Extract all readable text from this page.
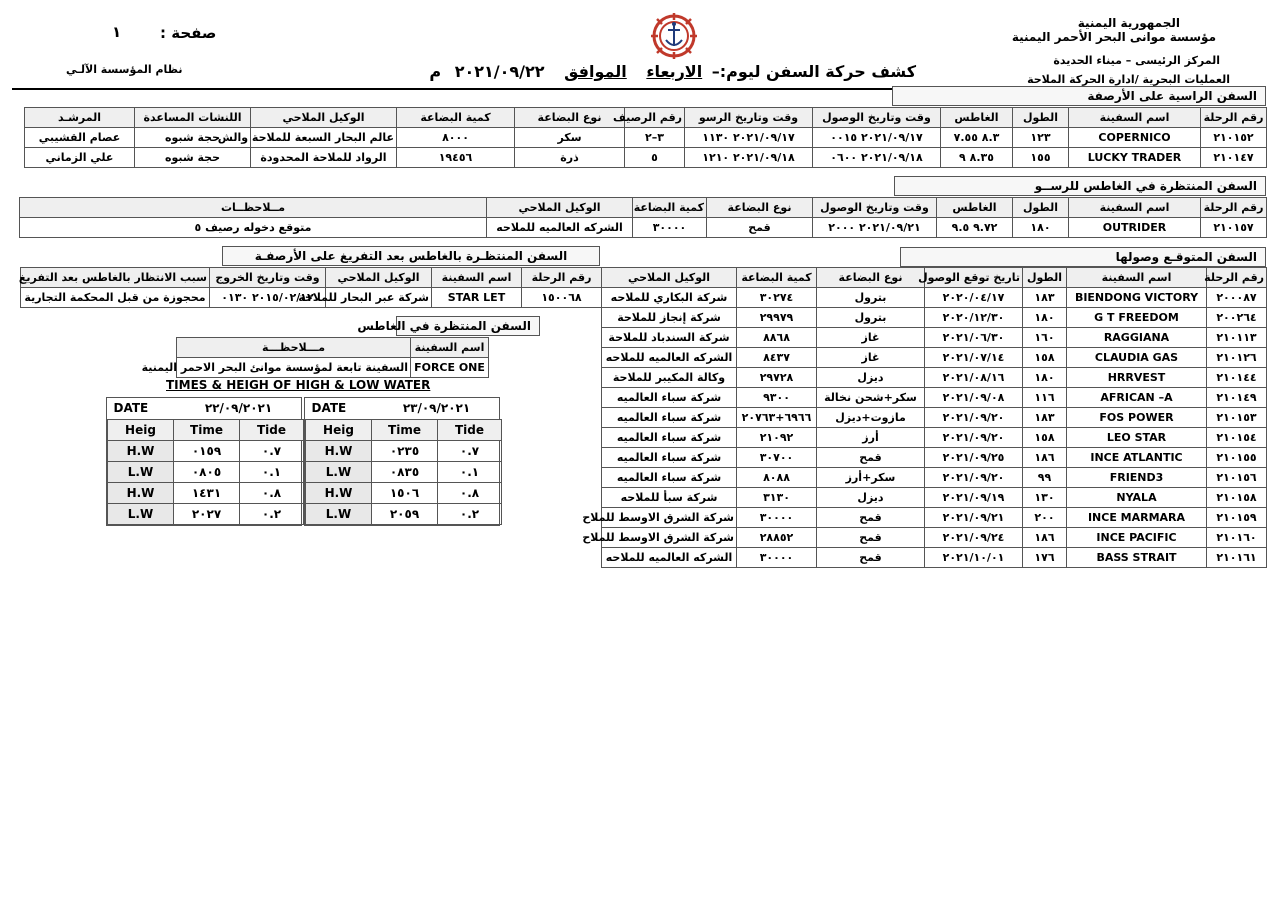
الجمهورية اليمنية
مؤسسة موانى البحر الأحمر اليمنية
المركز الرئيسى – ميناء الحديدة
العمليات البحرية /ادارة الحركة الملاحة
صفحة :
١
نظام المؤسسة الآلـي	كشف حركة السفن ليوم:– الاربعاء الموافق ٢٠٢١/٠٩/٢٢ م
السفن الراسية على الأرصفة
رقم الرحلة	اسم السفينة	الطول	الغاطس	وقت وتاريخ الوصول	وقت وتاريخ الرسو	رقم الرصيف	نوع البضاعة	كمية البضاعة	الوكيل الملاحي	اللنشات المساعدة	المرشـد
٢١٠١٥٢	COPERNICO	١٢٣	٨.٣ ٧.٥٥	٢٠٢١/٠٩/١٧ ٠٠١٥	٢٠٢١/٠٩/١٧ ١١٣٠	٣–٢	سكر	٨٠٠٠	عالم البحار السبعة للملاحة والش	حجة شبوه	عصام القشيبي
٢١٠١٤٧	LUCKY TRADER	١٥٥	٨.٣٥ ٩	٢٠٢١/٠٩/١٨ ٠٦٠٠	٢٠٢١/٠٩/١٨ ١٢١٠	٥	ذرة	١٩٤٥٦	الرواد للملاحة المحدودة	حجة شبوه	علي الزماني
السفن المنتظرة في الغاطس للرســو
رقم الرحلة	اسم السفينة	الطول	الغاطس	وقت وتاريخ الوصول	نوع البضاعة	كمية البضاعة	الوكيل الملاحي	مــلاحظــات
٢١٠١٥٧	OUTRIDER	١٨٠	٩.٧٢ ٩.٥	٢٠٢١/٠٩/٢١ ٢٠٠٠	قمح	٣٠٠٠٠	الشركه العالميه للملاحه	متوقع دخوله رصيف ٥
السفن المتوقـع وصولها
رقم الرحلة	اسم السفينة	الطول	تاريخ توقع الوصول	نوع البضاعة	كمية البضاعة	الوكيل الملاحي
٢٠٠٠٨٧	BIENDONG VICTORY	١٨٣	٢٠٢٠/٠٤/١٧	بترول	٣٠٢٧٤	شركة البكاري للملاحه
٢٠٠٢٦٤	G T FREEDOM	١٨٠	٢٠٢٠/١٢/٣٠	بترول	٢٩٩٧٩	شركة إنجاز للملاحة
٢١٠١١٣	RAGGIANA	١٦٠	٢٠٢١/٠٦/٣٠	غاز	٨٨٦٨	شركة السندباد للملاحة
٢١٠١٢٦	CLAUDIA GAS	١٥٨	٢٠٢١/٠٧/١٤	غاز	٨٤٣٧	الشركه العالميه للملاحه
٢١٠١٤٤	HRRVEST	١٨٠	٢٠٢١/٠٨/١٦	ديزل	٢٩٧٢٨	وكالة المكيبر للملاحة
٢١٠١٤٩	AFRICAN –A	١١٦	٢٠٢١/٠٩/٠٨	سكر+شحن نخالة	٩٣٠٠	شركة سباء العالميه
٢١٠١٥٣	FOS POWER	١٨٣	٢٠٢١/٠٩/٢٠	مازوت+ديزل	٦٩٦٦+٢٠٧٦٣	شركة سباء العالميه
٢١٠١٥٤	LEO STAR	١٥٨	٢٠٢١/٠٩/٢٠	أرز	٢١٠٩٢	شركة سباء العالميه
٢١٠١٥٥	INCE ATLANTIC	١٨٦	٢٠٢١/٠٩/٢٥	قمح	٣٠٧٠٠	شركة سباء العالميه
٢١٠١٥٦	FRIEND3	٩٩	٢٠٢١/٠٩/٢٠	سكر+أرز	٨٠٨٨	شركة سباء العالميه
٢١٠١٥٨	NYALA	١٣٠	٢٠٢١/٠٩/١٩	ديزل	٣١٣٠	شركة سبأ للملاحه
٢١٠١٥٩	INCE MARMARA	٢٠٠	٢٠٢١/٠٩/٢١	قمح	٣٠٠٠٠	شركة الشرق الاوسط للملاح
٢١٠١٦٠	INCE PACIFIC	١٨٦	٢٠٢١/٠٩/٢٤	قمح	٢٨٨٥٢	شركة الشرق الاوسط للملاح
٢١٠١٦١	BASS STRAIT	١٧٦	٢٠٢١/١٠/٠١	قمح	٣٠٠٠٠	الشركه العالميه للملاحه
السفن المنتظـرة بالغاطس بعد التفريغ على الأرصفـة
رقم الرحلة	اسم السفينة	الوكيل الملاحي	وقت وتاريخ الخروج	سبب الانتظار بالغاطس بعد التفريغ
١٥٠٠٦٨	STAR LET	شركة عبر البحار للملاحة	٢٠١٥/٠٢/١٢ ٠١٣٠	محجوزة من قبل المحكمة التجارية
السفن المنتظرة في الغاطس
اسم السفينة	مـــلاحظـــة
FORCE ONE	السفينة تابعة لمؤسسة موانئ البحر الاحمر اليمنية
TIMES & HEIGH OF HIGH & LOW WATER
DATE	٢٢/٠٩/٢٠٢١	
Heig	Time	Tide
H.W	٠١٥٩	٠.٧
L.W	٠٨٠٥	٠.١
H.W	١٤٣١	٠.٨
L.W	٢٠٢٧	٠.٢
DATE	٢٣/٠٩/٢٠٢١	
Heig	Time	Tide
H.W	٠٢٣٥	٠.٧
L.W	٠٨٣٥	٠.١
H.W	١٥٠٦	٠.٨
L.W	٢٠٥٩	٠.٢
